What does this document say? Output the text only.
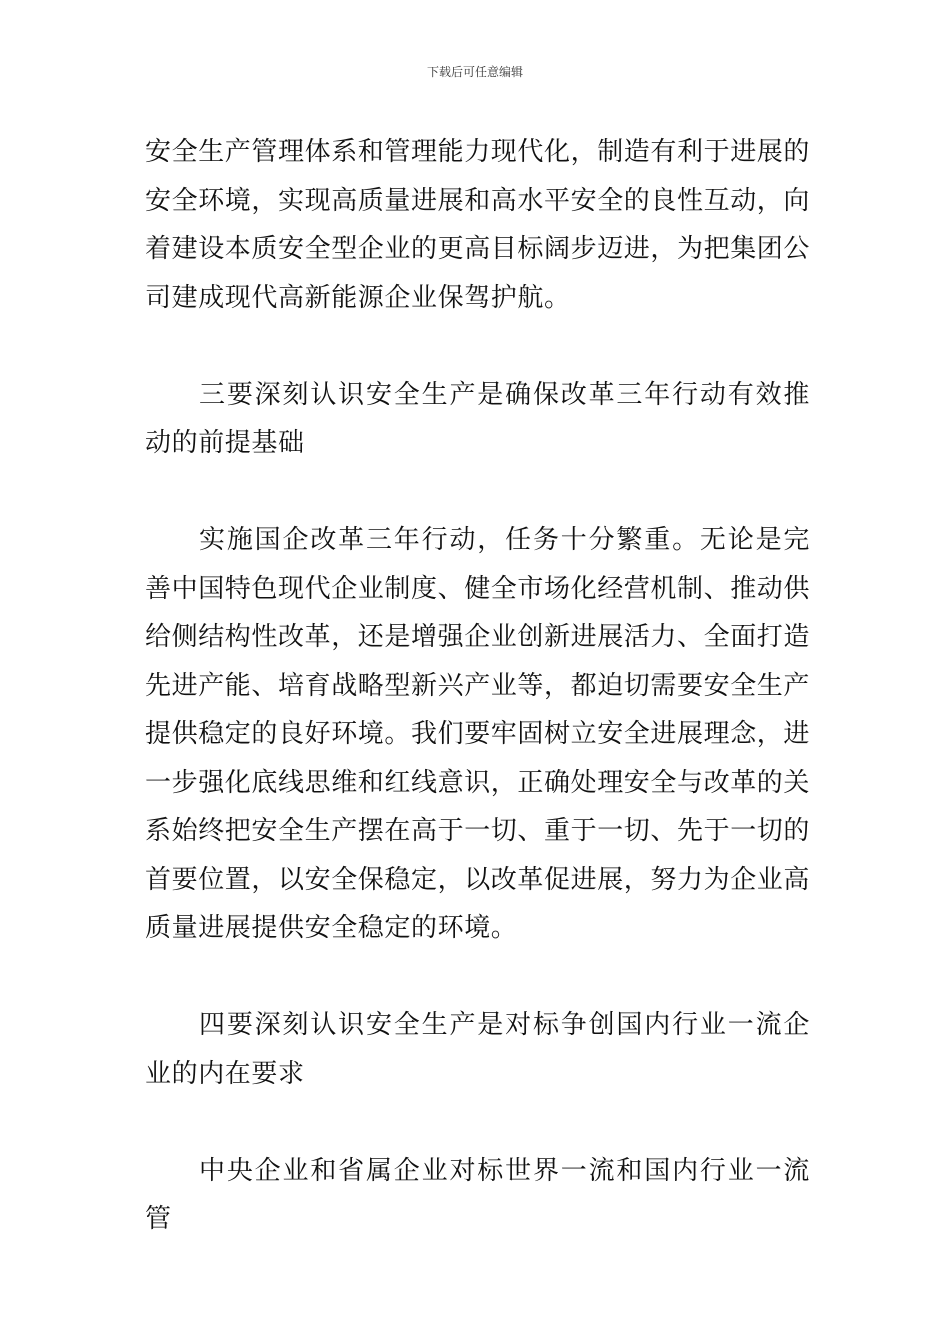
下载后可任意编辑

安全生产管理体系和管理能力现代化，制造有利于进展的安全环境，实现高质量进展和高水平安全的良性互动，向着建设本质安全型企业的更高目标阔步迈进，为把集团公司建成现代高新能源企业保驾护航。

三要深刻认识安全生产是确保改革三年行动有效推动的前提基础

实施国企改革三年行动，任务十分繁重。无论是完善中国特色现代企业制度、健全市场化经营机制、推动供给侧结构性改革，还是增强企业创新进展活力、全面打造先进产能、培育战略型新兴产业等，都迫切需要安全生产提供稳定的良好环境。我们要牢固树立安全进展理念，进一步强化底线思维和红线意识，正确处理安全与改革的关系始终把安全生产摆在高于一切、重于一切、先于一切的首要位置，以安全保稳定，以改革促进展，努力为企业高质量进展提供安全稳定的环境。

四要深刻认识安全生产是对标争创国内行业一流企业的内在要求

中央企业和省属企业对标世界一流和国内行业一流管
